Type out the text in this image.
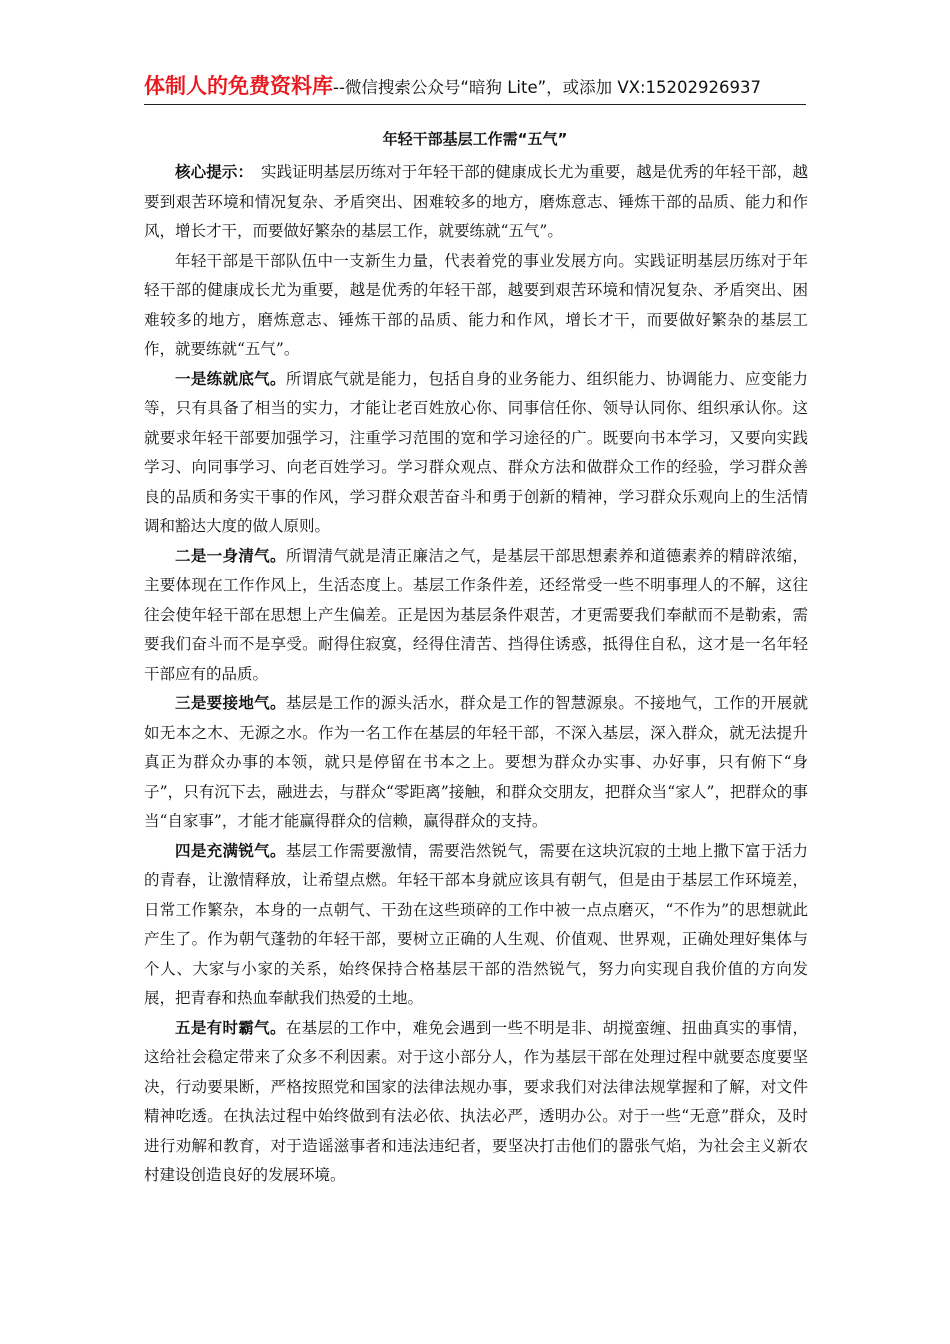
体制人的免费资料库--微信搜索公众号“暗狗 Lite”，或添加 VX:15202926937
年轻干部基层工作需“五气”

核心提示：　实践证明基层历练对于年轻干部的健康成长尤为重要，越是优秀的年轻干部，越要到艰苦环境和情况复杂、矛盾突出、困难较多的地方，磨炼意志、锤炼干部的品质、能力和作风，增长才干，而要做好繁杂的基层工作，就要练就“五气”。

年轻干部是干部队伍中一支新生力量，代表着党的事业发展方向。实践证明基层历练对于年轻干部的健康成长尤为重要，越是优秀的年轻干部，越要到艰苦环境和情况复杂、矛盾突出、困难较多的地方，磨炼意志、锤炼干部的品质、能力和作风，增长才干，而要做好繁杂的基层工作，就要练就“五气”。

一是练就底气。所谓底气就是能力，包括自身的业务能力、组织能力、协调能力、应变能力等，只有具备了相当的实力，才能让老百姓放心你、同事信任你、领导认同你、组织承认你。这就要求年轻干部要加强学习，注重学习范围的宽和学习途径的广。既要向书本学习，又要向实践学习、向同事学习、向老百姓学习。学习群众观点、群众方法和做群众工作的经验，学习群众善良的品质和务实干事的作风，学习群众艰苦奋斗和勇于创新的精神，学习群众乐观向上的生活情调和豁达大度的做人原则。

二是一身清气。所谓清气就是清正廉洁之气，是基层干部思想素养和道德素养的精辟浓缩，主要体现在工作作风上，生活态度上。基层工作条件差，还经常受一些不明事理人的不解，这往往会使年轻干部在思想上产生偏差。正是因为基层条件艰苦，才更需要我们奉献而不是勒索，需要我们奋斗而不是享受。耐得住寂寞，经得住清苦、挡得住诱惑，抵得住自私，这才是一名年轻干部应有的品质。

三是要接地气。基层是工作的源头活水，群众是工作的智慧源泉。不接地气，工作的开展就如无本之木、无源之水。作为一名工作在基层的年轻干部，不深入基层，深入群众，就无法提升真正为群众办事的本领，就只是停留在书本之上。要想为群众办实事、办好事，只有俯下“身子”，只有沉下去，融进去，与群众“零距离”接触，和群众交朋友，把群众当“家人”，把群众的事当“自家事”，才能才能赢得群众的信赖，赢得群众的支持。

四是充满锐气。基层工作需要激情，需要浩然锐气，需要在这块沉寂的土地上撒下富于活力的青春，让激情释放，让希望点燃。年轻干部本身就应该具有朝气，但是由于基层工作环境差，日常工作繁杂，本身的一点朝气、干劲在这些琐碎的工作中被一点点磨灭，“不作为”的思想就此产生了。作为朝气蓬勃的年轻干部，要树立正确的人生观、价值观、世界观，正确处理好集体与个人、大家与小家的关系，始终保持合格基层干部的浩然锐气，努力向实现自我价值的方向发展，把青春和热血奉献我们热爱的土地。

五是有时霸气。在基层的工作中，难免会遇到一些不明是非、胡搅蛮缠、扭曲真实的事情，这给社会稳定带来了众多不利因素。对于这小部分人，作为基层干部在处理过程中就要态度要坚决，行动要果断，严格按照党和国家的法律法规办事，要求我们对法律法规掌握和了解，对文件精神吃透。在执法过程中始终做到有法必依、执法必严，透明办公。对于一些“无意”群众，及时进行劝解和教育，对于造谣滋事者和违法违纪者，要坚决打击他们的嚣张气焰，为社会主义新农村建设创造良好的发展环境。
